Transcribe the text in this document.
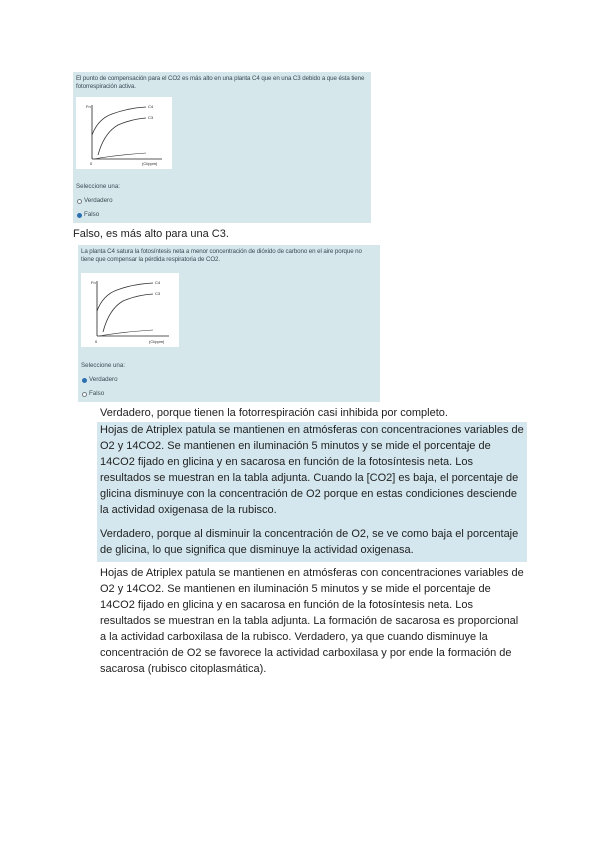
El punto de compensación para el CO2 es más alto en una planta C4 que en una C3 debido a que ésta tiene fotorrespiración activa.
Fn
(Ci/ppm)
0
C4
C3
Seleccione una:
Verdadero
Falso
Falso, es más alto para una C3.
La planta C4 satura la fotosíntesis neta a menor concentración de dióxido de carbono en el aire porque no tiene que compensar la pérdida respiratoria de CO2.
Fn
(Ci/ppm)
0
C4
C3
Seleccione una:
Verdadero
Falso
Verdadero, porque tienen la fotorrespiración casi inhibida por completo.

Hojas de Atriplex patula se mantienen en atmósferas con concentraciones variables de O2 y 14CO2. Se mantienen en iluminación 5 minutos y se mide el porcentaje de 14CO2 fijado en glicina y en sacarosa en función de la fotosíntesis neta. Los resultados se muestran en la tabla adjunta. Cuando la [CO2] es baja, el porcentaje de glicina disminuye con la concentración de O2 porque en estas condiciones desciende la actividad oxigenasa de la rubisco.

Verdadero, porque al disminuir la concentración de O2, se ve como baja el porcentaje de glicina, lo que significa que disminuye la actividad oxigenasa.

Hojas de Atriplex patula se mantienen en atmósferas con concentraciones variables de O2 y 14CO2. Se mantienen en iluminación 5 minutos y se mide el porcentaje de 14CO2 fijado en glicina y en sacarosa en función de la fotosíntesis neta. Los resultados se muestran en la tabla adjunta. La formación de sacarosa es proporcional a la actividad carboxilasa de la rubisco. Verdadero, ya que cuando disminuye la concentración de O2 se favorece la actividad carboxilasa y por ende la formación de sacarosa (rubisco citoplasmática).
